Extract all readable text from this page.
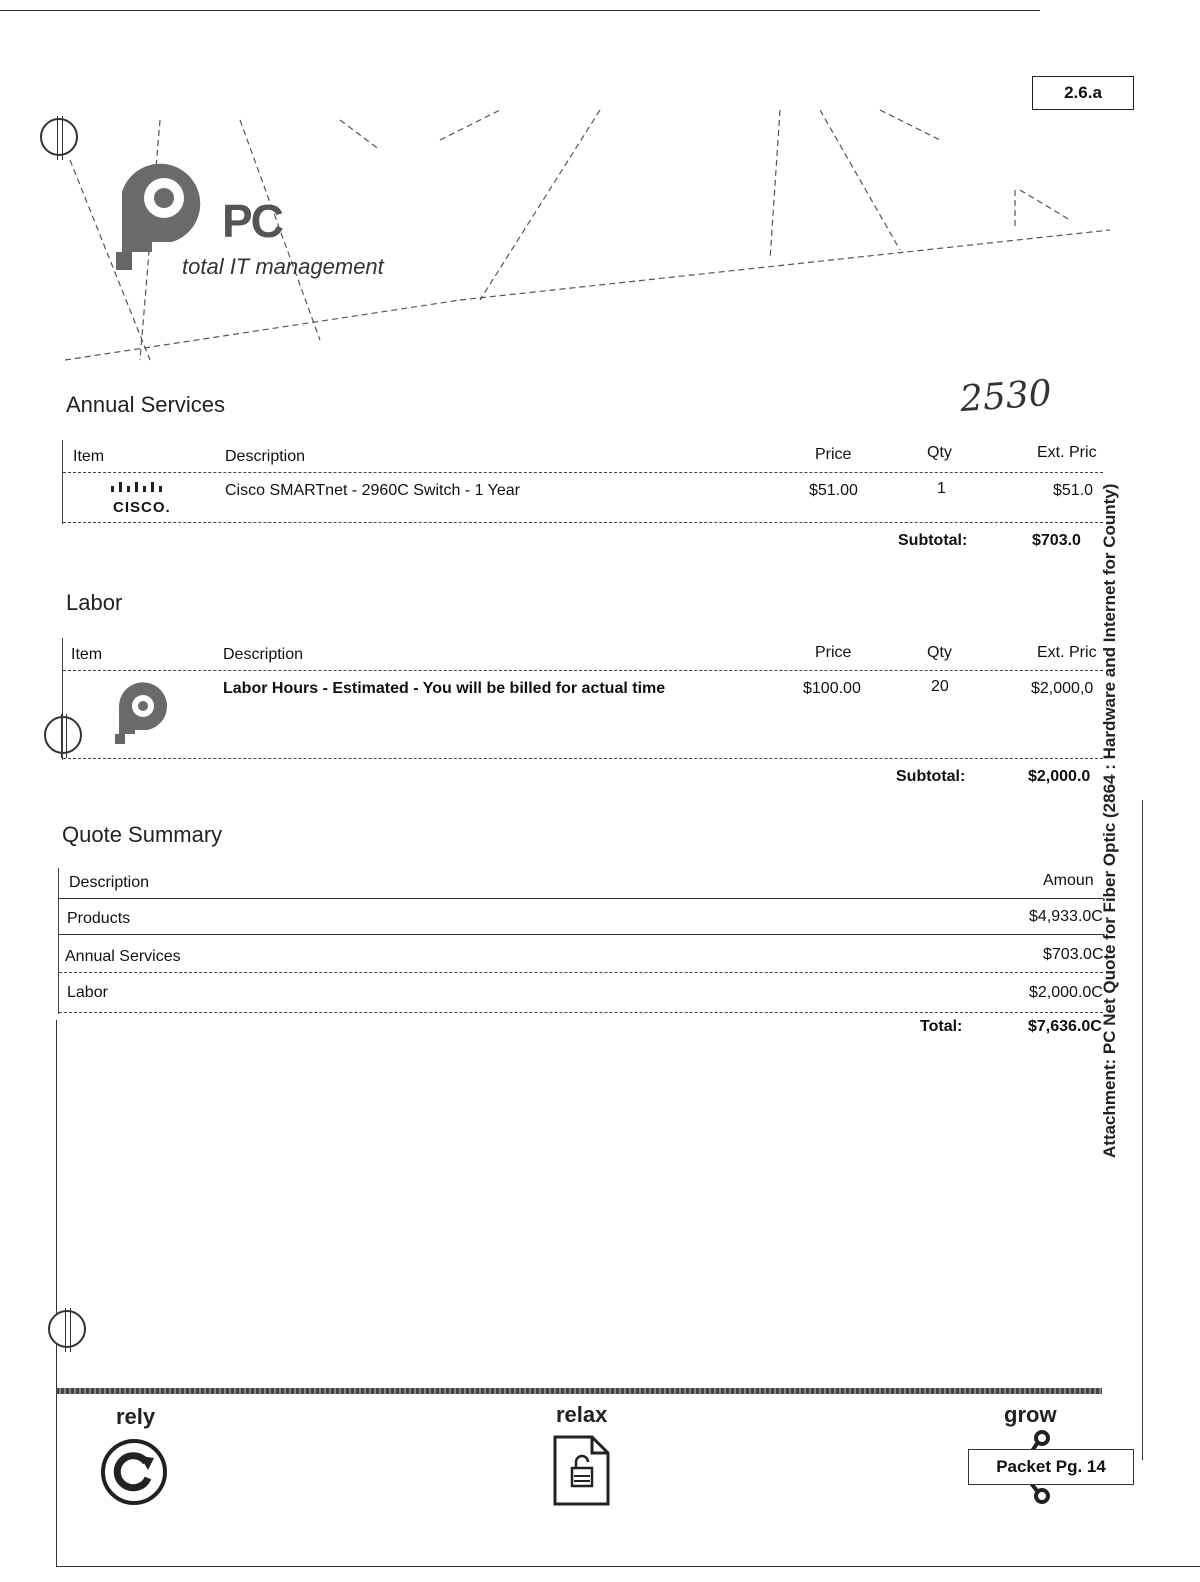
2.6.a
PC
total IT management
2530
Annual Services
Item	Description	Price	Qty	Ext. Pric
CISCO.
Cisco SMARTnet - 2960C Switch - 1 Year	$51.00	1	$51.0
Subtotal:	$703.0
Labor
Item	Description	Price	Qty	Ext. Pric
Labor Hours - Estimated - You will be billed for actual time	$100.00	20	$2,000,0
Subtotal:	$2,000.0
Quote Summary
Description	Amoun
Products	$4,933.0C
Annual Services	$703.0C
Labor	$2,000.0C
Total:	$7,636.0C
Attachment: PC Net Quote for Fiber Optic (2864 : Hardware and Internet for County)
rely	relax	grow
Packet Pg. 14
